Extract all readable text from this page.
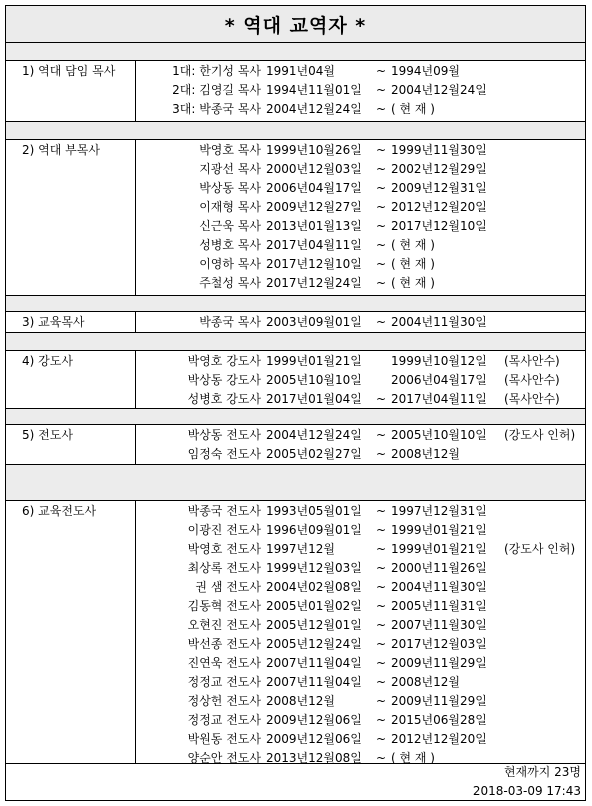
* 역대 교역자 *
1) 역대 담임 목사	1대: 한기성 목사 1991년04월	~ 1994년09월
2대: 김영길 목사 1994년11월01일 ~ 2004년12월24일
3대: 박종국 목사 2004년12월24일 ~ ( 현 재 )
2) 역대 부목사	박영호 목사 1999년10월26일 ~ 1999년11월30일
지광선 목사 2000년12월03일 ~ 2002년12월29일
박상동 목사 2006년04월17일 ~ 2009년12월31일
이재형 목사 2009년12월27일 ~ 2012년12월20일
신근욱 목사 2013년01월13일 ~ 2017년12월10일
성병호 목사 2017년04월11일 ~ ( 현 재 )
이영하 목사 2017년12월10일 ~ ( 현 재 )
주철성 목사 2017년12월24일 ~ ( 현 재 )
3) 교육목사	박종국 목사 2003년09월01일 ~ 2004년11월30일
4) 강도사	박영호 강도사 1999년01월21일 1999년10월12일 (목사안수)
박상동 강도사 2005년10월10일 2006년04월17일 (목사안수)
성병호 강도사 2017년01월04일 ~ 2017년04월11일 (목사안수)
5) 전도사	박상동 전도사 2004년12월24일 ~ 2005년10월10일 (강도사 인허)
임정숙 전도사 2005년02월27일 ~ 2008년12월
6) 교육전도사	박종국 전도사 1993년05월01일 ~ 1997년12월31일
이광진 전도사 1996년09월01일 ~ 1999년01월21일
박영호 전도사 1997년12월	~ 1999년01월21일 (강도사 인허)
최상록 전도사 1999년12월03일 ~ 2000년11월26일
권 샘 전도사 2004년02월08일 ~ 2004년11월30일
김동혁 전도사 2005년01월02일 ~ 2005년11월31일
오현진 전도사 2005년12월01일 ~ 2007년11월30일
박선종 전도사 2005년12월24일 ~ 2017년12월03일
진연욱 전도사 2007년11월04일 ~ 2009년11월29일
정정교 전도사 2007년11월04일 ~ 2008년12월
정상헌 전도사 2008년12월	~ 2009년11월29일
정정교 전도사 2009년12월06일 ~ 2015년06월28일
박원동 전도사 2009년12월06일 ~ 2012년12월20일
양순안 전도사 2013년12월08일 ~ ( 현 재 )
현재까지 23명
2018-03-09 17:43
